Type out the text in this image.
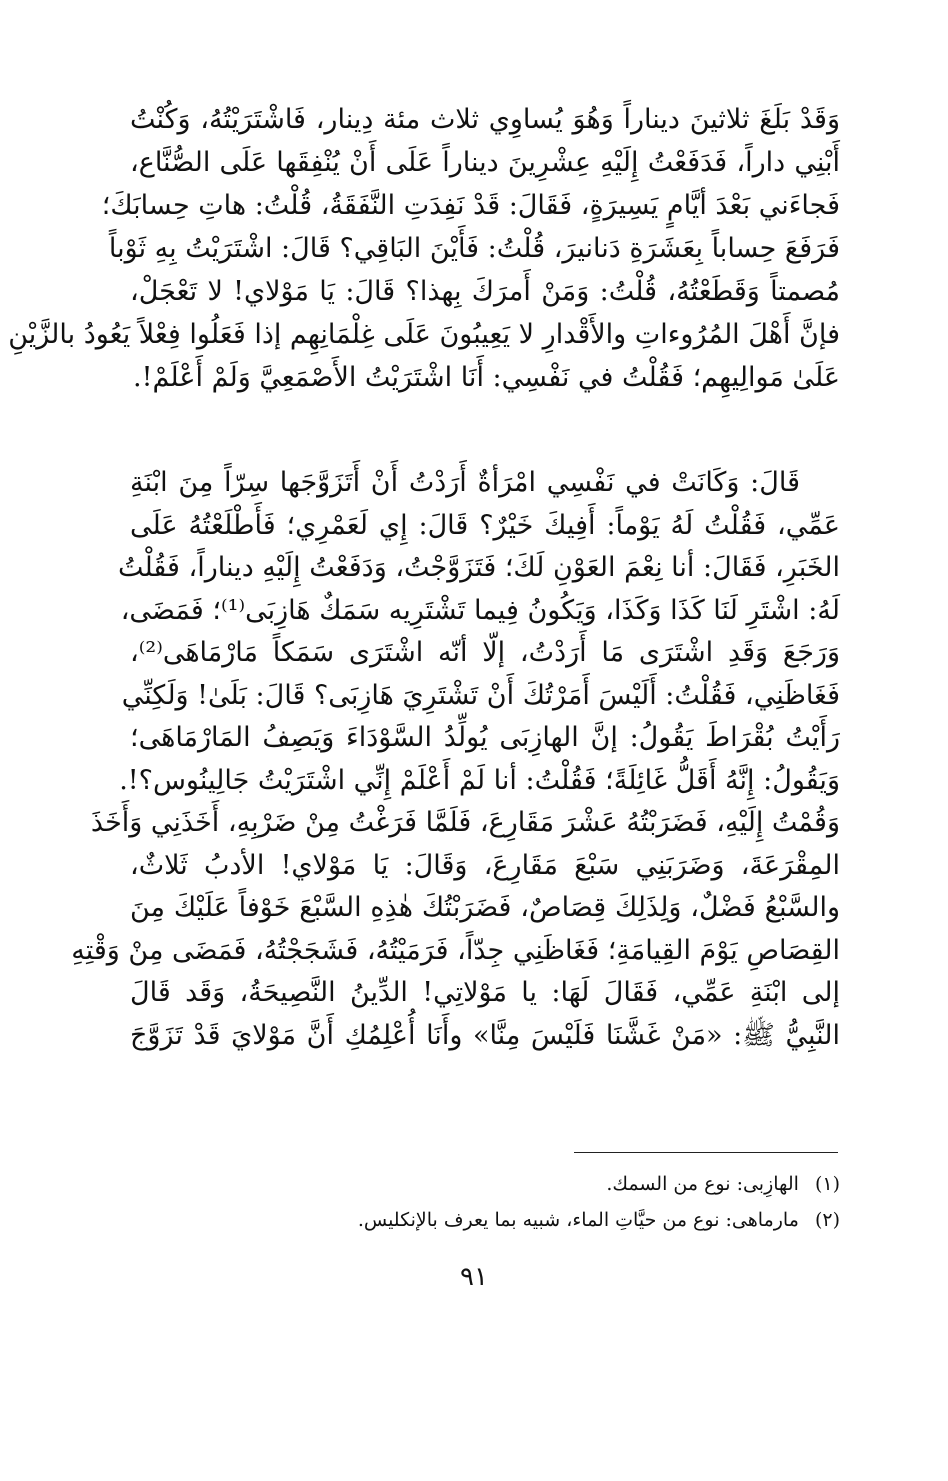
وَقَدْ بَلَغَ ثلاثينَ ديناراً وَهُوَ يُساوِي ثلاث مئة دِينار، فَاشْتَرَيْتُهُ، وَكُنْتُ
أَبْنِي داراً، فَدَفَعْتُ إِلَيْهِ عِشْرِينَ ديناراً عَلَى أَنْ يُنْفِقَها عَلَى الصُّنَّاع،
فَجاءَني بَعْدَ أيَّامٍ يَسِيرَةٍ، فَقَالَ: قَدْ نَفِدَتِ النَّفَقَةُ، قُلْتُ: هاتِ حِسابَكَ؛
فَرَفَعَ حِساباً بِعَشَرَةِ دَنانيرَ، قُلْتُ: فَأَيْنَ البَاقِي؟ قَالَ: اشْتَرَيْتُ بِهِ ثَوْباً
مُصمتاً وَقَطَعْتُهُ، قُلْتُ: وَمَنْ أَمرَكَ بِهذا؟ قَالَ: يَا مَوْلاي! لا تَعْجَلْ،
فإنَّ أَهْلَ المُرُوءاتِ والأَقْدارِ لا يَعِيبُونَ عَلَى غِلْمَانِهِم إذا فَعَلُوا فِعْلاً يَعُودُ بالزَّيْنِ
عَلَىٰ مَوالِيهِم؛ فَقُلْتُ في نَفْسِي: أَنَا اشْتَرَيْتُ الأَصْمَعِيَّ وَلَمْ أَعْلَمْ!.
قَالَ: وَكَانَتْ في نَفْسِي امْرَأةٌ أَرَدْتُ أَنْ أَتَزَوَّجَها سِرّاً مِنَ ابْنَةِ
عَمِّي، فَقُلْتُ لَهُ يَوْماً: أَفِيكَ خَيْرٌ؟ قَالَ: إِي لَعَمْرِي؛ فَأَطْلَعْتُهُ عَلَى
الخَبَرِ، فَقَالَ: أنا نِعْمَ العَوْنِ لَكَ؛ فَتَزَوَّجْتُ، وَدَفَعْتُ إِلَيْهِ ديناراً، فَقُلْتُ
لَهُ: اشْتَرِ لَنَا كَذَا وَكَذَا، وَيَكُونُ فِيما تَشْتَرِيه سَمَكٌ هَازِبَى⁽¹⁾؛ فَمَضَى،
وَرَجَعَ وَقَدِ اشْتَرَى مَا أَرَدْتُ، إلّا أنّه اشْتَرَى سَمَكاً مَارْمَاهَى⁽²⁾،
فَغَاظَنِي، فَقُلْتُ: أَلَيْسَ أَمَرْتُكَ أَنْ تَشْتَرِيَ هَازِبَى؟ قَالَ: بَلَىٰ! وَلَكِنِّي
رَأَيْتُ بُقْرَاطَ يَقُولُ: إنَّ الهازِبَى يُولِّدُ السَّوْدَاءَ وَيَصِفُ المَارْمَاهَى؛
وَيَقُولُ: إِنَّهُ أَقَلُّ غَائِلَةً؛ فَقُلْتُ: أنا لَمْ أَعْلَمْ إِنِّي اشْتَرَيْتُ جَالِينُوس؟!.
وَقُمْتُ إِلَيْهِ، فَضَرَبْتُهُ عَشْرَ مَقَارِعَ، فَلَمَّا فَرَغْتُ مِنْ ضَرْبِهِ، أَخَذَنِي وَأَخَذَ
المِقْرَعَةَ، وَضَرَبَنِي سَبْعَ مَقَارِعَ، وَقَالَ: يَا مَوْلاي! الأدبُ ثَلاثٌ،
والسَّبْعُ فَضْلٌ، وَلِذَلِكَ قِصَاصٌ، فَضَرَبْتُكَ هٰذِهِ السَّبْعَ خَوْفاً عَلَيْكَ مِنَ
القِصَاصِ يَوْمَ القِيامَةِ؛ فَغَاظَنِي جِدّاً، فَرَمَيْتُهُ، فَشَجَجْتُهُ، فَمَضَى مِنْ وَقْتِهِ
إلى ابْنَةِ عَمِّي، فَقَالَ لَهَا: يا مَوْلاتِي! الدِّينُ النَّصِيحَةُ، وَقَد قَالَ
النَّبِيُّ ﷺ: «مَنْ غَشَّنَا فَلَيْسَ مِنَّا» وأَنَا أُعْلِمُكِ أَنَّ مَوْلايَ قَدْ تَزَوَّجَ
(١) الهازِبى: نوع من السمك.
(٢) مارماهى: نوع من حيَّاتِ الماء، شبيه بما يعرف بالإنكليس.
٩١
